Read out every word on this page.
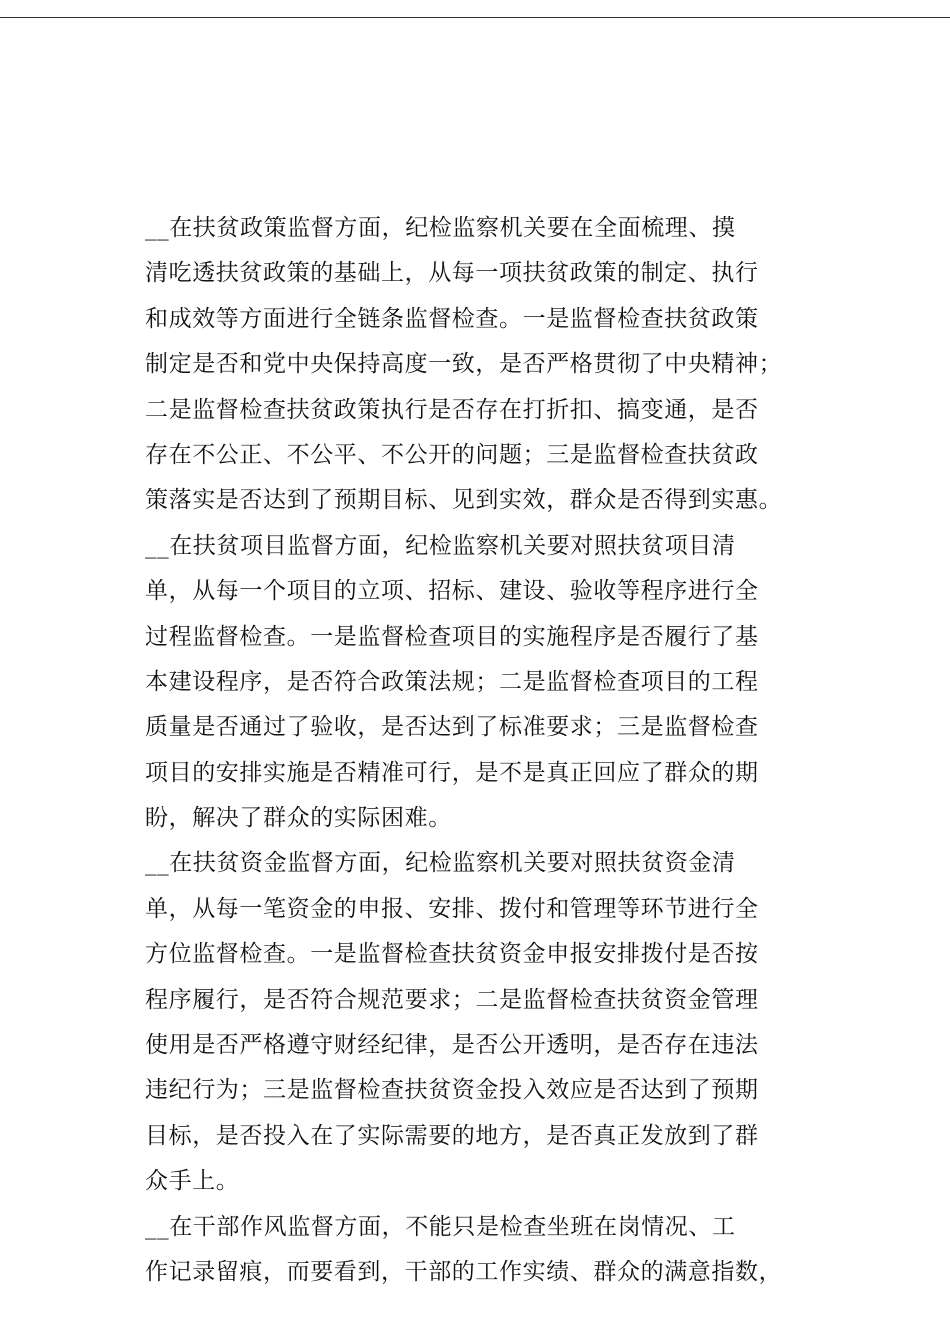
__在扶贫政策监督方面，纪检监察机关要在全面梳理、摸
清吃透扶贫政策的基础上，从每一项扶贫政策的制定、执行
和成效等方面进行全链条监督检查。一是监督检查扶贫政策
制定是否和党中央保持高度一致，是否严格贯彻了中央精神；
二是监督检查扶贫政策执行是否存在打折扣、搞变通，是否
存在不公正、不公平、不公开的问题；三是监督检查扶贫政
策落实是否达到了预期目标、见到实效，群众是否得到实惠。
__在扶贫项目监督方面，纪检监察机关要对照扶贫项目清
单，从每一个项目的立项、招标、建设、验收等程序进行全
过程监督检查。一是监督检查项目的实施程序是否履行了基
本建设程序，是否符合政策法规；二是监督检查项目的工程
质量是否通过了验收，是否达到了标准要求；三是监督检查
项目的安排实施是否精准可行，是不是真正回应了群众的期
盼，解决了群众的实际困难。
__在扶贫资金监督方面，纪检监察机关要对照扶贫资金清
单，从每一笔资金的申报、安排、拨付和管理等环节进行全
方位监督检查。一是监督检查扶贫资金申报安排拨付是否按
程序履行，是否符合规范要求；二是监督检查扶贫资金管理
使用是否严格遵守财经纪律，是否公开透明，是否存在违法
违纪行为；三是监督检查扶贫资金投入效应是否达到了预期
目标，是否投入在了实际需要的地方，是否真正发放到了群
众手上。
__在干部作风监督方面，不能只是检查坐班在岗情况、工
作记录留痕，而要看到，干部的工作实绩、群众的满意指数，
